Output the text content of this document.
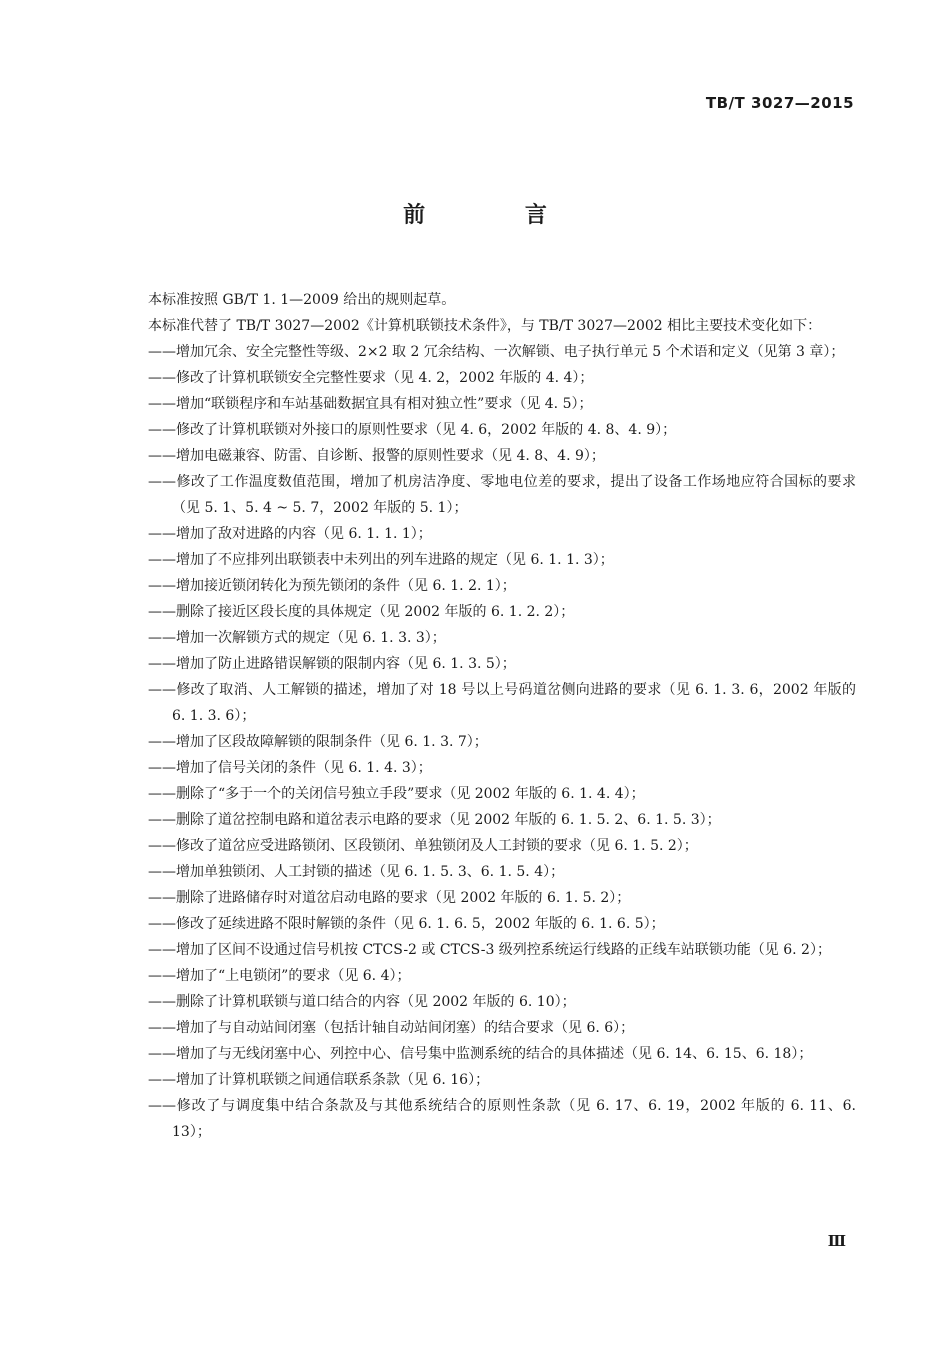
TB/T 3027—2015
前 言

本标准按照 GB/T 1. 1—2009 给出的规则起草。

本标准代替了 TB/T 3027—2002《计算机联锁技术条件》，与 TB/T 3027—2002 相比主要技术变化如下：

——增加冗余、安全完整性等级、2×2 取 2 冗余结构、一次解锁、电子执行单元 5 个术语和定义（见第 3 章）；
——修改了计算机联锁安全完整性要求（见 4. 2，2002 年版的 4. 4）；
——增加“联锁程序和车站基础数据宜具有相对独立性”要求（见 4. 5）；
——修改了计算机联锁对外接口的原则性要求（见 4. 6，2002 年版的 4. 8、4. 9）；
——增加电磁兼容、防雷、自诊断、报警的原则性要求（见 4. 8、4. 9）；
——修改了工作温度数值范围，增加了机房洁净度、零地电位差的要求，提出了设备工作场地应符合国标的要求（见 5. 1、5. 4 ~ 5. 7，2002 年版的 5. 1）；
——增加了敌对进路的内容（见 6. 1. 1. 1）；
——增加了不应排列出联锁表中未列出的列车进路的规定（见 6. 1. 1. 3）；
——增加接近锁闭转化为预先锁闭的条件（见 6. 1. 2. 1）；
——删除了接近区段长度的具体规定（见 2002 年版的 6. 1. 2. 2）；
——增加一次解锁方式的规定（见 6. 1. 3. 3）；
——增加了防止进路错误解锁的限制内容（见 6. 1. 3. 5）；
——修改了取消、人工解锁的描述，增加了对 18 号以上号码道岔侧向进路的要求（见 6. 1. 3. 6，2002 年版的 6. 1. 3. 6）；
——增加了区段故障解锁的限制条件（见 6. 1. 3. 7）；
——增加了信号关闭的条件（见 6. 1. 4. 3）；
——删除了“多于一个的关闭信号独立手段”要求（见 2002 年版的 6. 1. 4. 4）；
——删除了道岔控制电路和道岔表示电路的要求（见 2002 年版的 6. 1. 5. 2、6. 1. 5. 3）；
——修改了道岔应受进路锁闭、区段锁闭、单独锁闭及人工封锁的要求（见 6. 1. 5. 2）；
——增加单独锁闭、人工封锁的描述（见 6. 1. 5. 3、6. 1. 5. 4）；
——删除了进路储存时对道岔启动电路的要求（见 2002 年版的 6. 1. 5. 2）；
——修改了延续进路不限时解锁的条件（见 6. 1. 6. 5，2002 年版的 6. 1. 6. 5）；
——增加了区间不设通过信号机按 CTCS-2 或 CTCS-3 级列控系统运行线路的正线车站联锁功能（见 6. 2）；
——增加了“上电锁闭”的要求（见 6. 4）；
——删除了计算机联锁与道口结合的内容（见 2002 年版的 6. 10）；
——增加了与自动站间闭塞（包括计轴自动站间闭塞）的结合要求（见 6. 6）；
——增加了与无线闭塞中心、列控中心、信号集中监测系统的结合的具体描述（见 6. 14、6. 15、6. 18）；
——增加了计算机联锁之间通信联系条款（见 6. 16）；
——修改了与调度集中结合条款及与其他系统结合的原则性条款（见 6. 17、6. 19，2002 年版的 6. 11、6. 13）；
Ⅲ
